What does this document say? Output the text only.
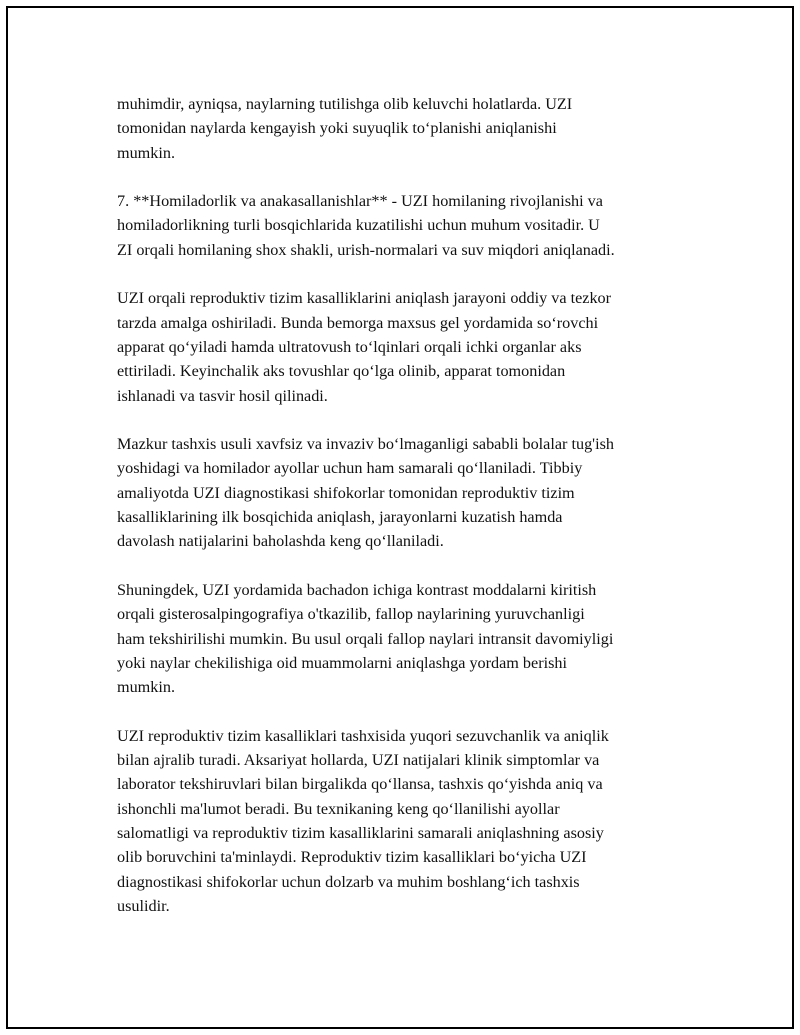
muhimdir, ayniqsa, naylarning tutilishga olib keluvchi holatlarda. UZI
tomonidan naylarda kengayish yoki suyuqlik to‘planishi aniqlanishi
mumkin.

7. **Homiladorlik va anakasallanishlar** - UZI homilaning rivojlanishi va
homiladorlikning turli bosqichlarida kuzatilishi uchun muhum vositadir. U
ZI orqali homilaning shox shakli, urish-normalari va suv miqdori aniqlanadi.

UZI orqali reproduktiv tizim kasalliklarini aniqlash jarayoni oddiy va tezkor
tarzda amalga oshiriladi. Bunda bemorga maxsus gel yordamida so‘rovchi
apparat qo‘yiladi hamda ultratovush to‘lqinlari orqali ichki organlar aks
ettiriladi. Keyinchalik aks tovushlar qo‘lga olinib, apparat tomonidan
ishlanadi va tasvir hosil qilinadi.

Mazkur tashxis usuli xavfsiz va invaziv bo‘lmaganligi sababli bolalar tug'ish
yoshidagi va homilador ayollar uchun ham samarali qo‘llaniladi. Tibbiy
amaliyotda UZI diagnostikasi shifokorlar tomonidan reproduktiv tizim
kasalliklarining ilk bosqichida aniqlash, jarayonlarni kuzatish hamda
davolash natijalarini baholashda keng qo‘llaniladi.

Shuningdek, UZI yordamida bachadon ichiga kontrast moddalarni kiritish
orqali gisterosalpingografiya o'tkazilib, fallop naylarining yuruvchanligi
ham tekshirilishi mumkin. Bu usul orqali fallop naylari intransit davomiyligi
yoki naylar chekilishiga oid muammolarni aniqlashga yordam berishi
mumkin.

UZI reproduktiv tizim kasalliklari tashxisida yuqori sezuvchanlik va aniqlik
bilan ajralib turadi. Aksariyat hollarda, UZI natijalari klinik simptomlar va
laborator tekshiruvlari bilan birgalikda qo‘llansa, tashxis qo‘yishda aniq va
ishonchli ma'lumot beradi. Bu texnikaning keng qo‘llanilishi ayollar
salomatligi va reproduktiv tizim kasalliklarini samarali aniqlashning asosiy
olib boruvchini ta'minlaydi. Reproduktiv tizim kasalliklari bo‘yicha UZI
diagnostikasi shifokorlar uchun dolzarb va muhim boshlang‘ich tashxis
usulidir.
